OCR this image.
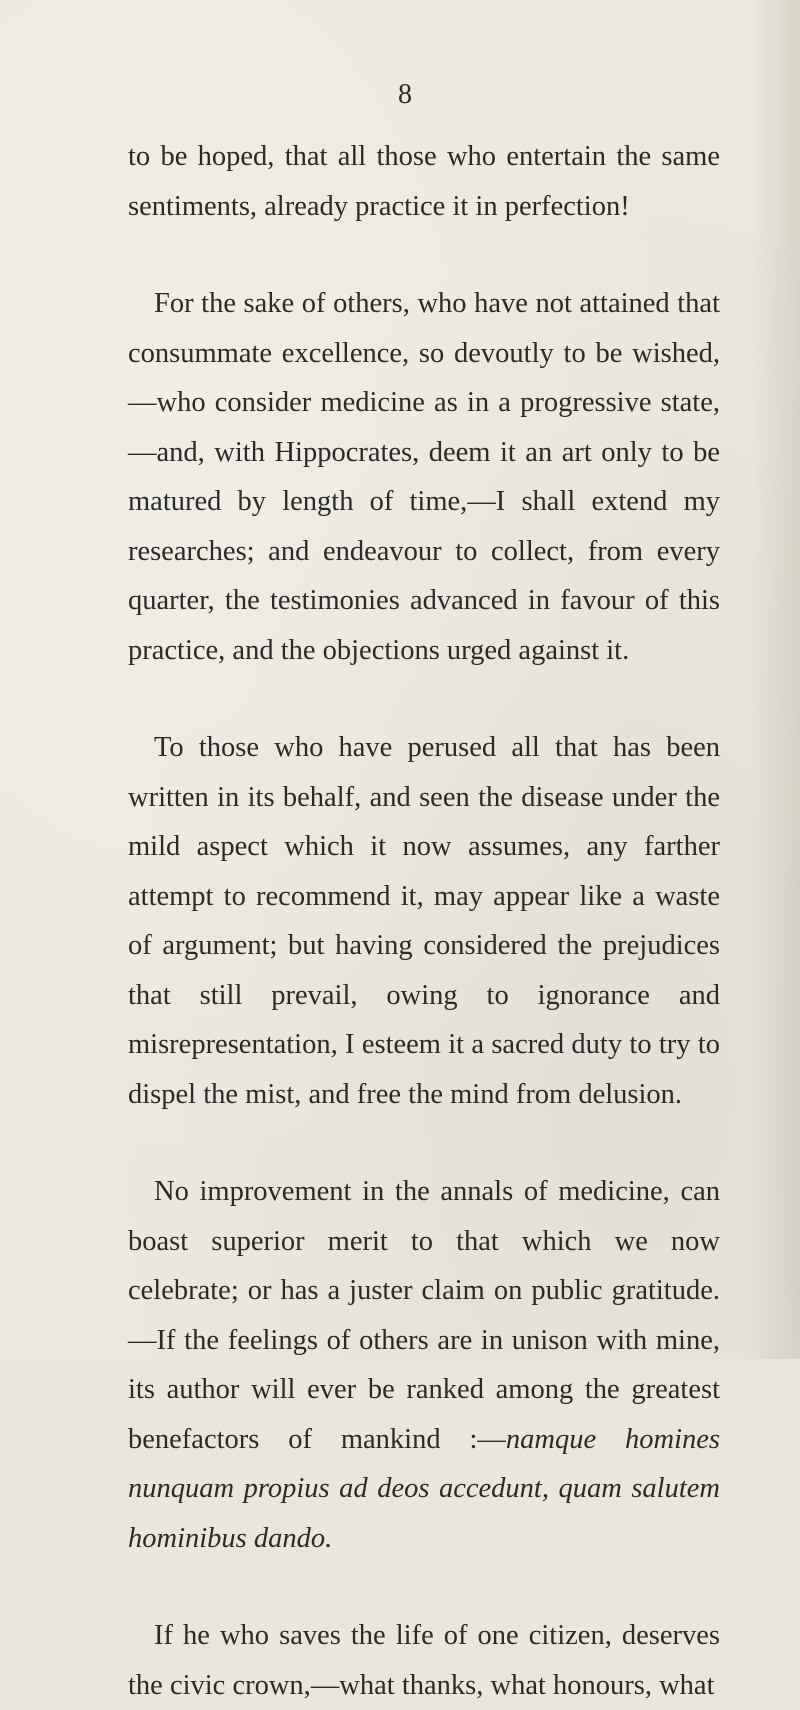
8

to be hoped, that all those who entertain the same sentiments, already practice it in perfection!

For the sake of others, who have not attained that consummate excellence, so devoutly to be wished,—who consider medicine as in a progressive state,—and, with Hippocrates, deem it an art only to be matured by length of time,—I shall extend my researches; and endeavour to collect, from every quarter, the testimonies advanced in favour of this practice, and the objections urged against it.

To those who have perused all that has been written in its behalf, and seen the disease under the mild aspect which it now assumes, any farther attempt to recommend it, may appear like a waste of argument; but having considered the prejudices that still prevail, owing to ignorance and misrepresentation, I esteem it a sacred duty to try to dispel the mist, and free the mind from delusion.

No improvement in the annals of medicine, can boast superior merit to that which we now celebrate; or has a juster claim on public gratitude.—If the feelings of others are in unison with mine, its author will ever be ranked among the greatest benefactors of mankind :—namque homines nunquam propius ad deos accedunt, quam salutem hominibus dando.

If he who saves the life of one citizen, deserves the civic crown,—what thanks, what honours, what
